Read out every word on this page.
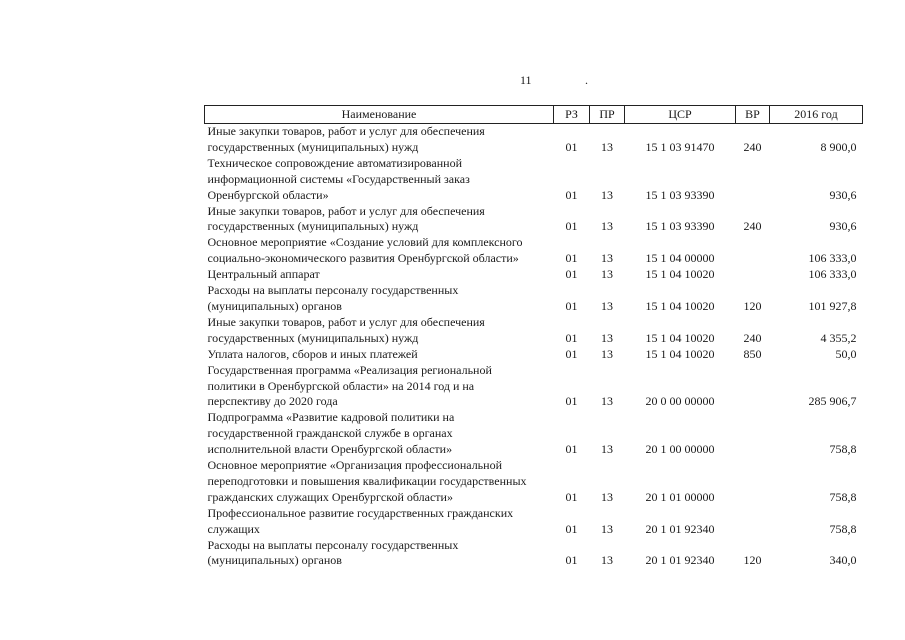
11	.
Наименование	РЗ	ПР	ЦСР	ВР	2016 год

Иные закупки товаров, работ и услуг для обеспечения
государственных (муниципальных) нужд	01	13	15 1 03 91470	240	8 900,0

Техническое сопровождение автоматизированной
информационной системы «Государственный заказ
Оренбургской области»	01	13	15 1 03 93390		930,6

Иные закупки товаров, работ и услуг для обеспечения
государственных (муниципальных) нужд	01	13	15 1 03 93390	240	930,6

Основное мероприятие «Создание условий для комплексного
социально-экономического развития Оренбургской области»	01	13	15 1 04 00000		106 333,0

Центральный аппарат	01	13	15 1 04 10020		106 333,0

Расходы на выплаты персоналу государственных
(муниципальных) органов	01	13	15 1 04 10020	120	101 927,8

Иные закупки товаров, работ и услуг для обеспечения
государственных (муниципальных) нужд	01	13	15 1 04 10020	240	4 355,2

Уплата налогов, сборов и иных платежей	01	13	15 1 04 10020	850	50,0

Государственная программа «Реализация региональной
политики в Оренбургской области» на 2014 год и на
перспективу до 2020 года	01	13	20 0 00 00000		285 906,7

Подпрограмма «Развитие кадровой политики на
государственной гражданской службе в органах
исполнительной власти Оренбургской области»	01	13	20 1 00 00000		758,8

Основное мероприятие «Организация профессиональной
переподготовки и повышения квалификации государственных
гражданских служащих Оренбургской области»	01	13	20 1 01 00000		758,8

Профессиональное развитие государственных гражданских
служащих	01	13	20 1 01 92340		758,8

Расходы на выплаты персоналу государственных
(муниципальных) органов	01	13	20 1 01 92340	120	340,0
